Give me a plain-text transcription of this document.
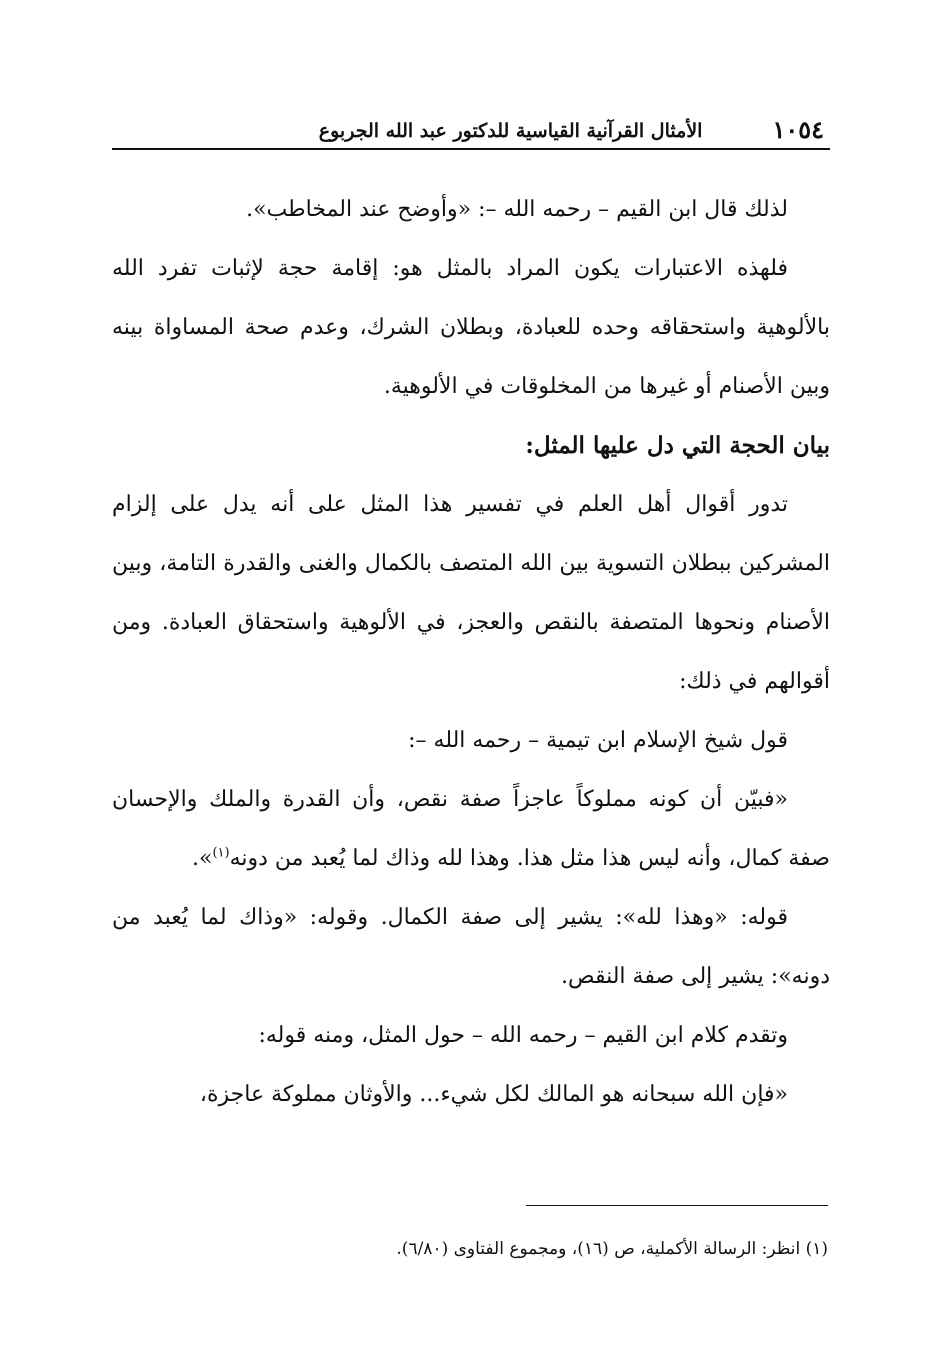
١٠٥٤
الأمثال القرآنية القياسية للدكتور عبد الله الجربوع

لذلك قال ابن القيم – رحمه الله –: «وأوضح عند المخاطب».

فلهذه الاعتبارات يكون المراد بالمثل هو: إقامة حجة لإثبات تفرد الله بالألوهية واستحقاقه وحده للعبادة، وبطلان الشرك، وعدم صحة المساواة بينه وبين الأصنام أو غيرها من المخلوقات في الألوهية.

بيان الحجة التي دل عليها المثل:

تدور أقوال أهل العلم في تفسير هذا المثل على أنه يدل على إلزام المشركين ببطلان التسوية بين الله المتصف بالكمال والغنى والقدرة التامة، وبين الأصنام ونحوها المتصفة بالنقص والعجز، في الألوهية واستحقاق العبادة. ومن أقوالهم في ذلك:

قول شيخ الإسلام ابن تيمية – رحمه الله –:

«فبيّن أن كونه مملوكاً عاجزاً صفة نقص، وأن القدرة والملك والإحسان صفة كمال، وأنه ليس هذا مثل هذا. وهذا لله وذاك لما يُعبد من دونه$^{(١)}$».

قوله: «وهذا لله»: يشير إلى صفة الكمال. وقوله: «وذاك لما يُعبد من دونه»: يشير إلى صفة النقص.

وتقدم كلام ابن القيم – رحمه الله – حول المثل، ومنه قوله:

«فإن الله سبحانه هو المالك لكل شيء... والأوثان مملوكة عاجزة،

(١) انظر: الرسالة الأكملية، ص (١٦)، ومجموع الفتاوى (٦/٨٠).
